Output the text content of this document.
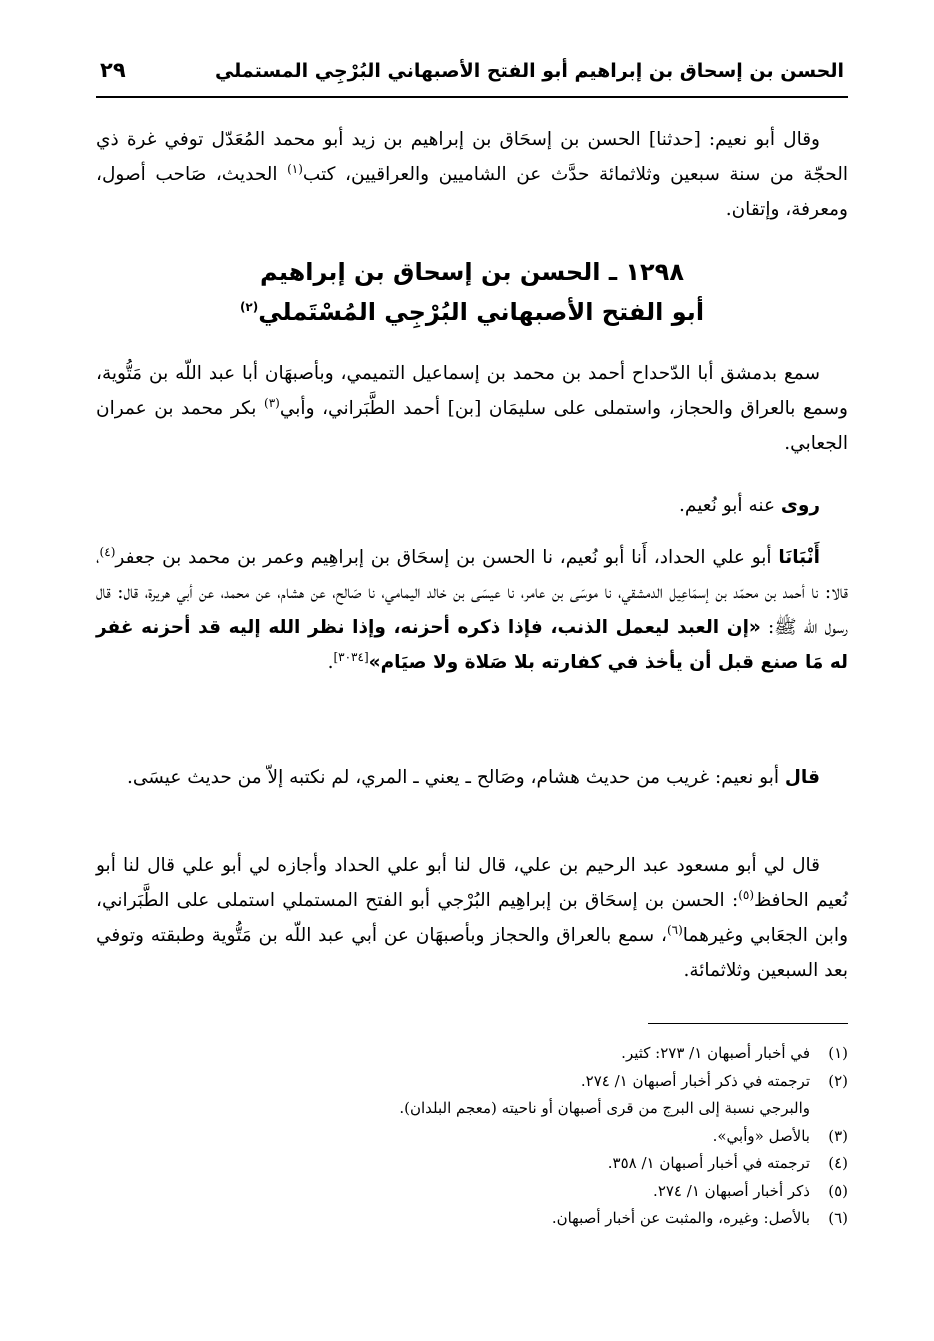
الحسن بن إسحاق بن إبراهيم أبو الفتح الأصبهاني البُرْجِي المستملي
٢٩

وقال أبو نعيم: [حدثنا] الحسن بن إسحَاق بن إبراهيم بن زيد أبو محمد المُعَدّل توفي غرة ذي الحجّة من سنة سبعين وثلاثمائة حدَّث عن الشاميين والعراقيين، كتب$^{(١)}$ الحديث، صَاحب أصول، ومعرفة، وإتقان.

١٢٩٨ ـ الحسن بن إسحاق بن إبراهيم
أبو الفتح الأصبهاني البُرْجِي المُسْتَملي$^{(٢)}$

سمع بدمشق أبا الدّحداح أحمد بن محمد بن إسماعيل التميمي، وبأصبهَان أبا عبد اللّه بن مَتُّوية، وسمع بالعراق والحجاز، واستملى على سليمَان [بن] أحمد الطَّبَراني، وأبي$^{(٣)}$ بكر محمد بن عمران الجعابي.

روى عنه أبو نُعيم.

أَنْبَانَا أبو علي الحداد، أَنا أبو نُعيم، نا الحسن بن إسحَاق بن إبراهِيم وعمر بن محمد بن جعفر$^{(٤)}$، قالا: نا أحمد بن محمّد بن إسمَاعِيل الدمشقي، نا موسَى بن عامر، نا عيسَى بن خالد اليمامي، نا صَالح، عن هشام، عن محمد، عن أبي هريرة، قال: قال رسول الله ﷺ: «إن العبد ليعمل الذنب، فإذا ذكره أحزنه، وإذا نظر الله إليه قد أحزنه غفر له مَا صنع قبل أن يأخذ في كفارته بلا صَلاة ولا صيَام»[٣٠٣٤].

قال أبو نعيم: غريب من حديث هشام، وصَالح ـ يعني ـ المري، لم نكتبه إلاّ من حديث عيسَى.

قال لي أبو مسعود عبد الرحيم بن علي، قال لنا أبو علي الحداد وأجازه لي أبو علي قال لنا أبو نُعيم الحافظ$^{(٥)}$: الحسن بن إسحَاق بن إبراهِيم البُرْجي أبو الفتح المستملي استملى على الطَّبَراني، وابن الجعَابي وغيرهما$^{(٦)}$، سمع بالعراق والحجاز وبأصبهَان عن أبي عبد اللّه بن مَتُّوية وطبقته وتوفي بعد السبعين وثلاثمائة.

(١)في أخبار أصبهان ١/ ٢٧٣: كثير.

(٢)ترجمته في ذكر أخبار أصبهان ١/ ٢٧٤.

والبرجي نسبة إلى البرج من قرى أصبهان أو ناحيته (معجم البلدان).

(٣)بالأصل «وأبي».

(٤)ترجمته في أخبار أصبهان ١/ ٣٥٨.

(٥)ذكر أخبار أصبهان ١/ ٢٧٤.

(٦)بالأصل: وغيره، والمثبت عن أخبار أصبهان.
